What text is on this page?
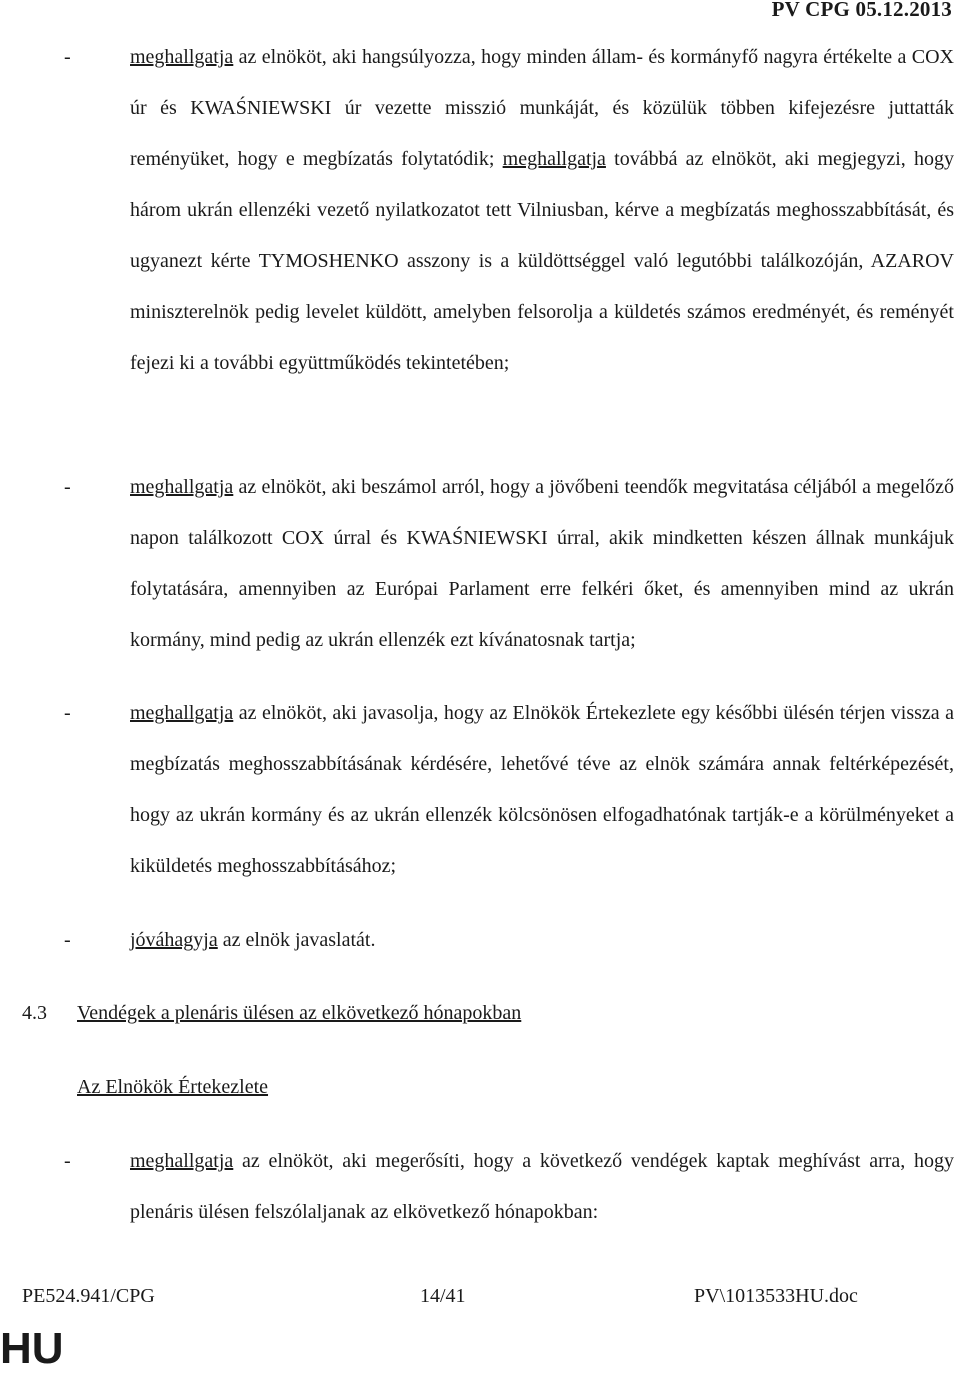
PV CPG 05.12.2013
-	meghallgatja az elnököt, aki hangsúlyozza, hogy minden állam- és kormányfő nagyra értékelte a COX úr és KWAŚNIEWSKI úr vezette misszió munkáját, és közülük többen kifejezésre juttatták reményüket, hogy e megbízatás folytatódik; meghallgatja továbbá az elnököt, aki megjegyzi, hogy három ukrán ellenzéki vezető nyilatkozatot tett Vilniusban, kérve a megbízatás meghosszabbítását, és ugyanezt kérte TYMOSHENKO asszony is a küldöttséggel való legutóbbi találkozóján, AZAROV miniszterelnök pedig levelet küldött, amelyben felsorolja a küldetés számos eredményét, és reményét fejezi ki a további együttműködés tekintetében;
-	meghallgatja az elnököt, aki beszámol arról, hogy a jövőbeni teendők megvitatása céljából a megelőző napon találkozott COX úrral és KWAŚNIEWSKI úrral, akik mindketten készen állnak munkájuk folytatására, amennyiben az Európai Parlament erre felkéri őket, és amennyiben mind az ukrán kormány, mind pedig az ukrán ellenzék ezt kívánatosnak tartja;
-	meghallgatja az elnököt, aki javasolja, hogy az Elnökök Értekezlete egy későbbi ülésén térjen vissza a megbízatás meghosszabbításának kérdésére, lehetővé téve az elnök számára annak feltérképezését, hogy az ukrán kormány és az ukrán ellenzék kölcsönösen elfogadhatónak tartják-e a körülményeket a kiküldetés meghosszabbításához;
-	jóváhagyja az elnök javaslatát.
4.3 Vendégek a plenáris ülésen az elkövetkező hónapokban
Az Elnökök Értekezlete
-	meghallgatja az elnököt, aki megerősíti, hogy a következő vendégek kaptak meghívást arra, hogy plenáris ülésen felszólaljanak az elkövetkező hónapokban:
PE524.941/CPG	14/41	PV\1013533HU.doc
HU
